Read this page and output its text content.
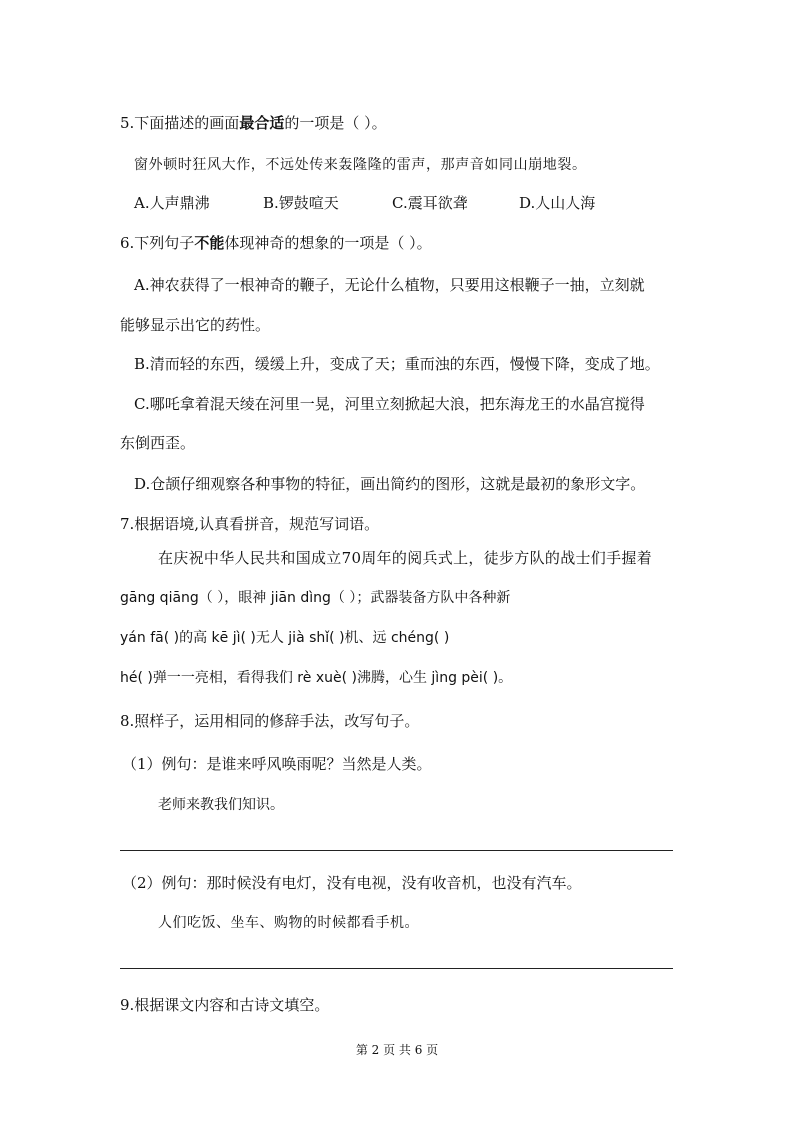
5.下面描述的画面最合适的一项是（ ）。
窗外顿时狂风大作，不远处传来轰隆隆的雷声，那声音如同山崩地裂。
A.人声鼎沸	B.锣鼓喧天	C.震耳欲聋	D.人山人海
6.下列句子不能体现神奇的想象的一项是（ ）。
A.神农获得了一根神奇的鞭子，无论什么植物，只要用这根鞭子一抽，立刻就
能够显示出它的药性。
B.清而轻的东西，缓缓上升，变成了天；重而浊的东西，慢慢下降，变成了地。
C.哪吒拿着混天绫在河里一晃，河里立刻掀起大浪，把东海龙王的水晶宫搅得
东倒西歪。
D.仓颉仔细观察各种事物的特征，画出简约的图形，这就是最初的象形文字。
7.根据语境,认真看拼音，规范写词语。
在庆祝中华人民共和国成立70周年的阅兵式上，徒步方队的战士们手握着
gāng qiāng（ ），眼神 jiān dìng（ ）；武器装备方队中各种新
yán fā( )的高 kē jì( )无人 jià shǐ( )机、远 chéng( )
hé( )弹一一亮相，看得我们 rè xuè( )沸腾，心生 jìng pèi( )。
8.照样子，运用相同的修辞手法，改写句子。
（1）例句：是谁来呼风唤雨呢？当然是人类。
老师来教我们知识。
（2）例句：那时候没有电灯，没有电视，没有收音机，也没有汽车。
人们吃饭、坐车、购物的时候都看手机。
9.根据课文内容和古诗文填空。
第 2 页 共 6 页
